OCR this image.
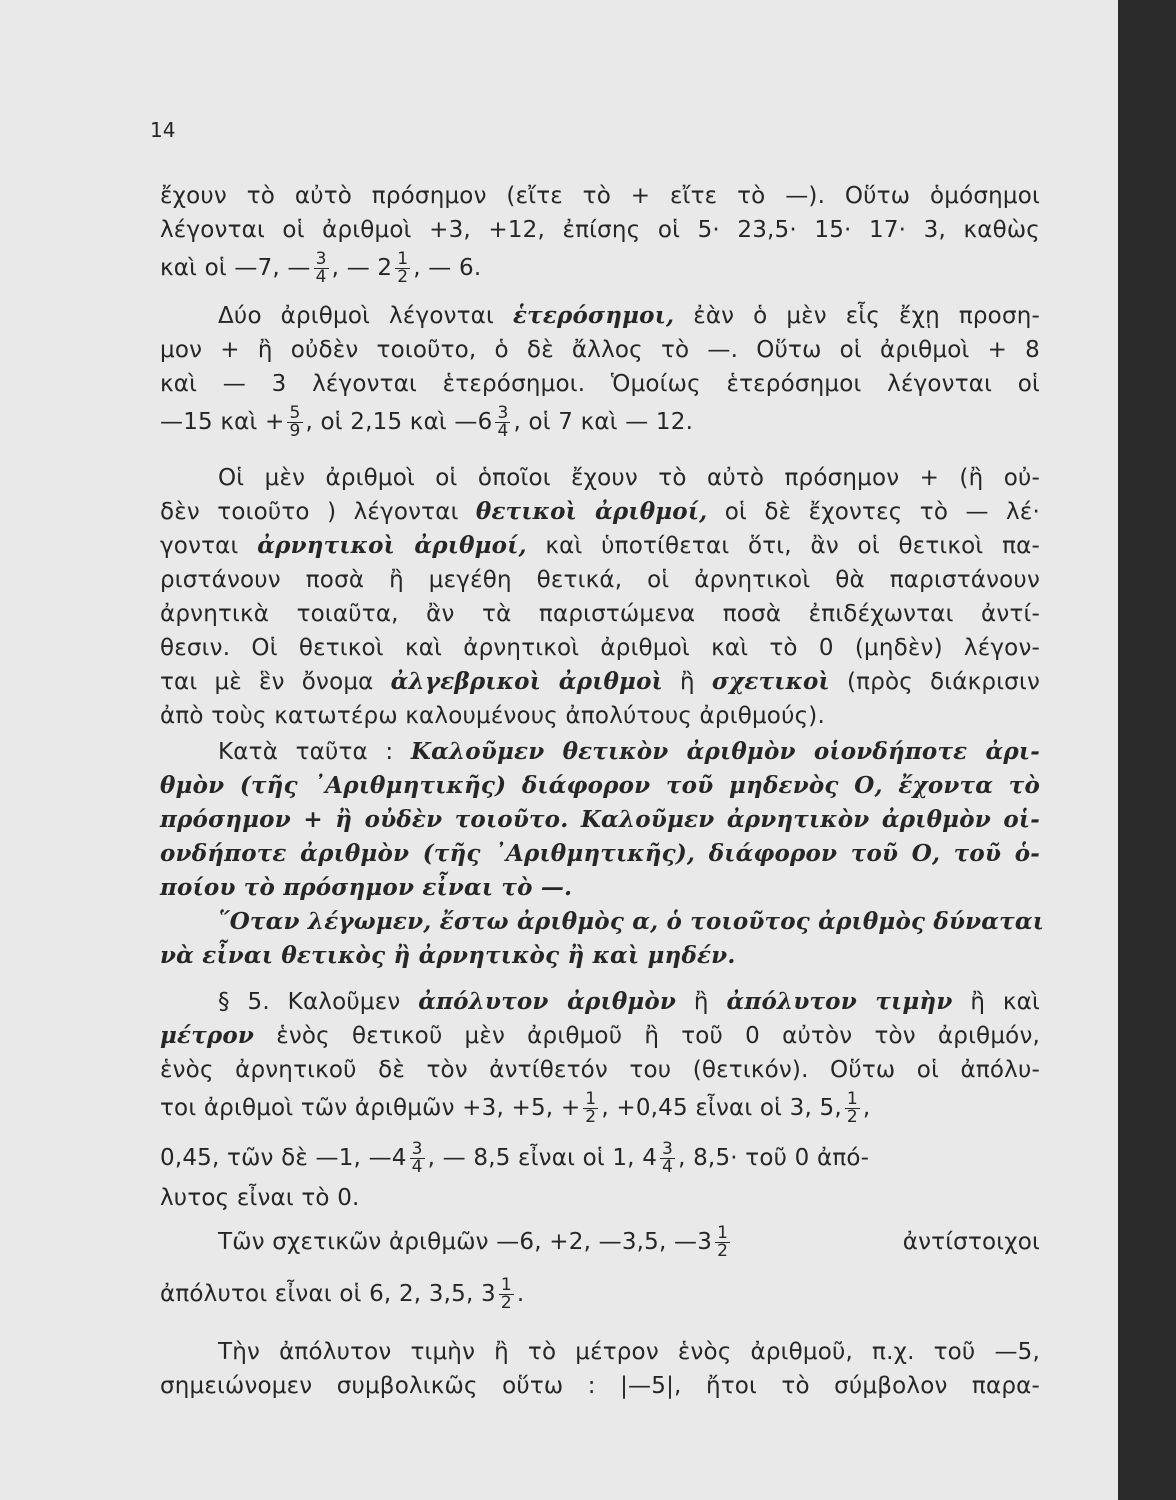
14
ἔχουν τὸ αὐτὸ πρόσημον (εἴτε τὸ + εἴτε τὸ —). Οὕτω ὁμόσημοι
λέγονται οἱ ἀριθμοὶ +3, +12, ἐπίσης οἱ 5· 23,5· 15· 17· 3, καθὼς
καὶ οἱ —7, — $\frac{3}{4}$ , — $2 \frac{1}{2}$ , — 6.
Δύο ἀριθμοὶ λέγονται ἑτερόσημοι, ἐὰν ὁ μὲν εἷς ἔχῃ προση-
μον + ἢ οὐδὲν τοιοῦτο, ὁ δὲ ἄλλος τὸ —. Οὕτω οἱ ἀριθμοὶ + 8
καὶ — 3 λέγονται ἑτερόσημοι. Ὁμοίως ἑτερόσημοι λέγονται οἱ
—15 καὶ + $\frac{5}{9}$ , οἱ 2,15 καὶ —6 $\frac{3}{4}$ , οἱ 7 καὶ — 12.
Οἱ μὲν ἀριθμοὶ οἱ ὁποῖοι ἔχουν τὸ αὐτὸ πρόσημον + (ἢ οὐ-
δὲν τοιοῦτο ) λέγονται θετικοὶ ἀριθμοί, οἱ δὲ ἔχοντες τὸ — λέ·
γονται ἀρνητικοὶ ἀριθμοί, καὶ ὑποτίθεται ὅτι, ἂν οἱ θετικοὶ πα-
ριστάνουν ποσὰ ἢ μεγέθη θετικά, οἱ ἀρνητικοὶ θὰ παριστάνουν
ἀρνητικὰ τοιαῦτα, ἂν τὰ παριστώμενα ποσὰ ἐπιδέχωνται ἀντί-
θεσιν. Οἱ θετικοὶ καὶ ἀρνητικοὶ ἀριθμοὶ καὶ τὸ 0 (μηδὲν) λέγον-
ται μὲ ἓν ὄνομα ἀλγεβρικοὶ ἀριθμοὶ ἢ σχετικοὶ (πρὸς διάκρισιν
ἀπὸ τοὺς κατωτέρω καλουμένους ἀπολύτους ἀριθμούς).
Κατὰ ταῦτα : Καλοῦμεν θετικὸν ἀριθμὸν οἱονδήποτε ἀρι-
θμὸν (τῆς ᾿Αριθμητικῆς) διάφορον τοῦ μηδενὸς Ο, ἔχοντα τὸ
πρόσημον + ἢ οὐδὲν τοιοῦτο. Καλοῦμεν ἀρνητικὸν ἀριθμὸν οἱ-
ονδήποτε ἀριθμὸν (τῆς ᾿Αριθμητικῆς), διάφορον τοῦ Ο, τοῦ ὁ-
ποίου τὸ πρόσημον εἶναι τὸ —.
῞Οταν λέγωμεν, ἔστω ἀριθμὸς α, ὁ τοιοῦτος ἀριθμὸς δύναται
νὰ εἶναι θετικὸς ἢ ἀρνητικὸς ἢ καὶ μηδέν.
§ 5. Καλοῦμεν ἀπόλυτον ἀριθμὸν ἢ ἀπόλυτον τιμὴν ἢ καὶ
μέτρον ἑνὸς θετικοῦ μὲν ἀριθμοῦ ἢ τοῦ 0 αὐτὸν τὸν ἀριθμόν,
ἑνὸς ἀρνητικοῦ δὲ τὸν ἀντίθετόν του (θετικόν). Οὕτω οἱ ἀπόλυ-
τοι ἀριθμοὶ τῶν ἀριθμῶν +3, +5, + $\frac{1}{2}$ , +0,45 εἶναι οἱ 3, 5, $\frac{1}{2}$ ,
0,45, τῶν δὲ —1, —4 $\frac{3}{4}$ , — 8,5 εἶναι οἱ 1, $4 \frac{3}{4}$ , 8,5· τοῦ 0 ἀπό-
λυτος εἶναι τὸ 0.
Τῶν σχετικῶν ἀριθμῶν —6, +2, —3,5, —3 $\frac{1}{2}$	ἀντίστοιχοι
ἀπόλυτοι εἶναι οἱ 6, 2, 3,5, $3 \frac{1}{2}$ .
Τὴν ἀπόλυτον τιμὴν ἢ τὸ μέτρον ἑνὸς ἀριθμοῦ, π.χ. τοῦ —5,
σημειώνομεν συμβολικῶς οὕτω : |—5|, ἤτοι τὸ σύμβολον παρα-
